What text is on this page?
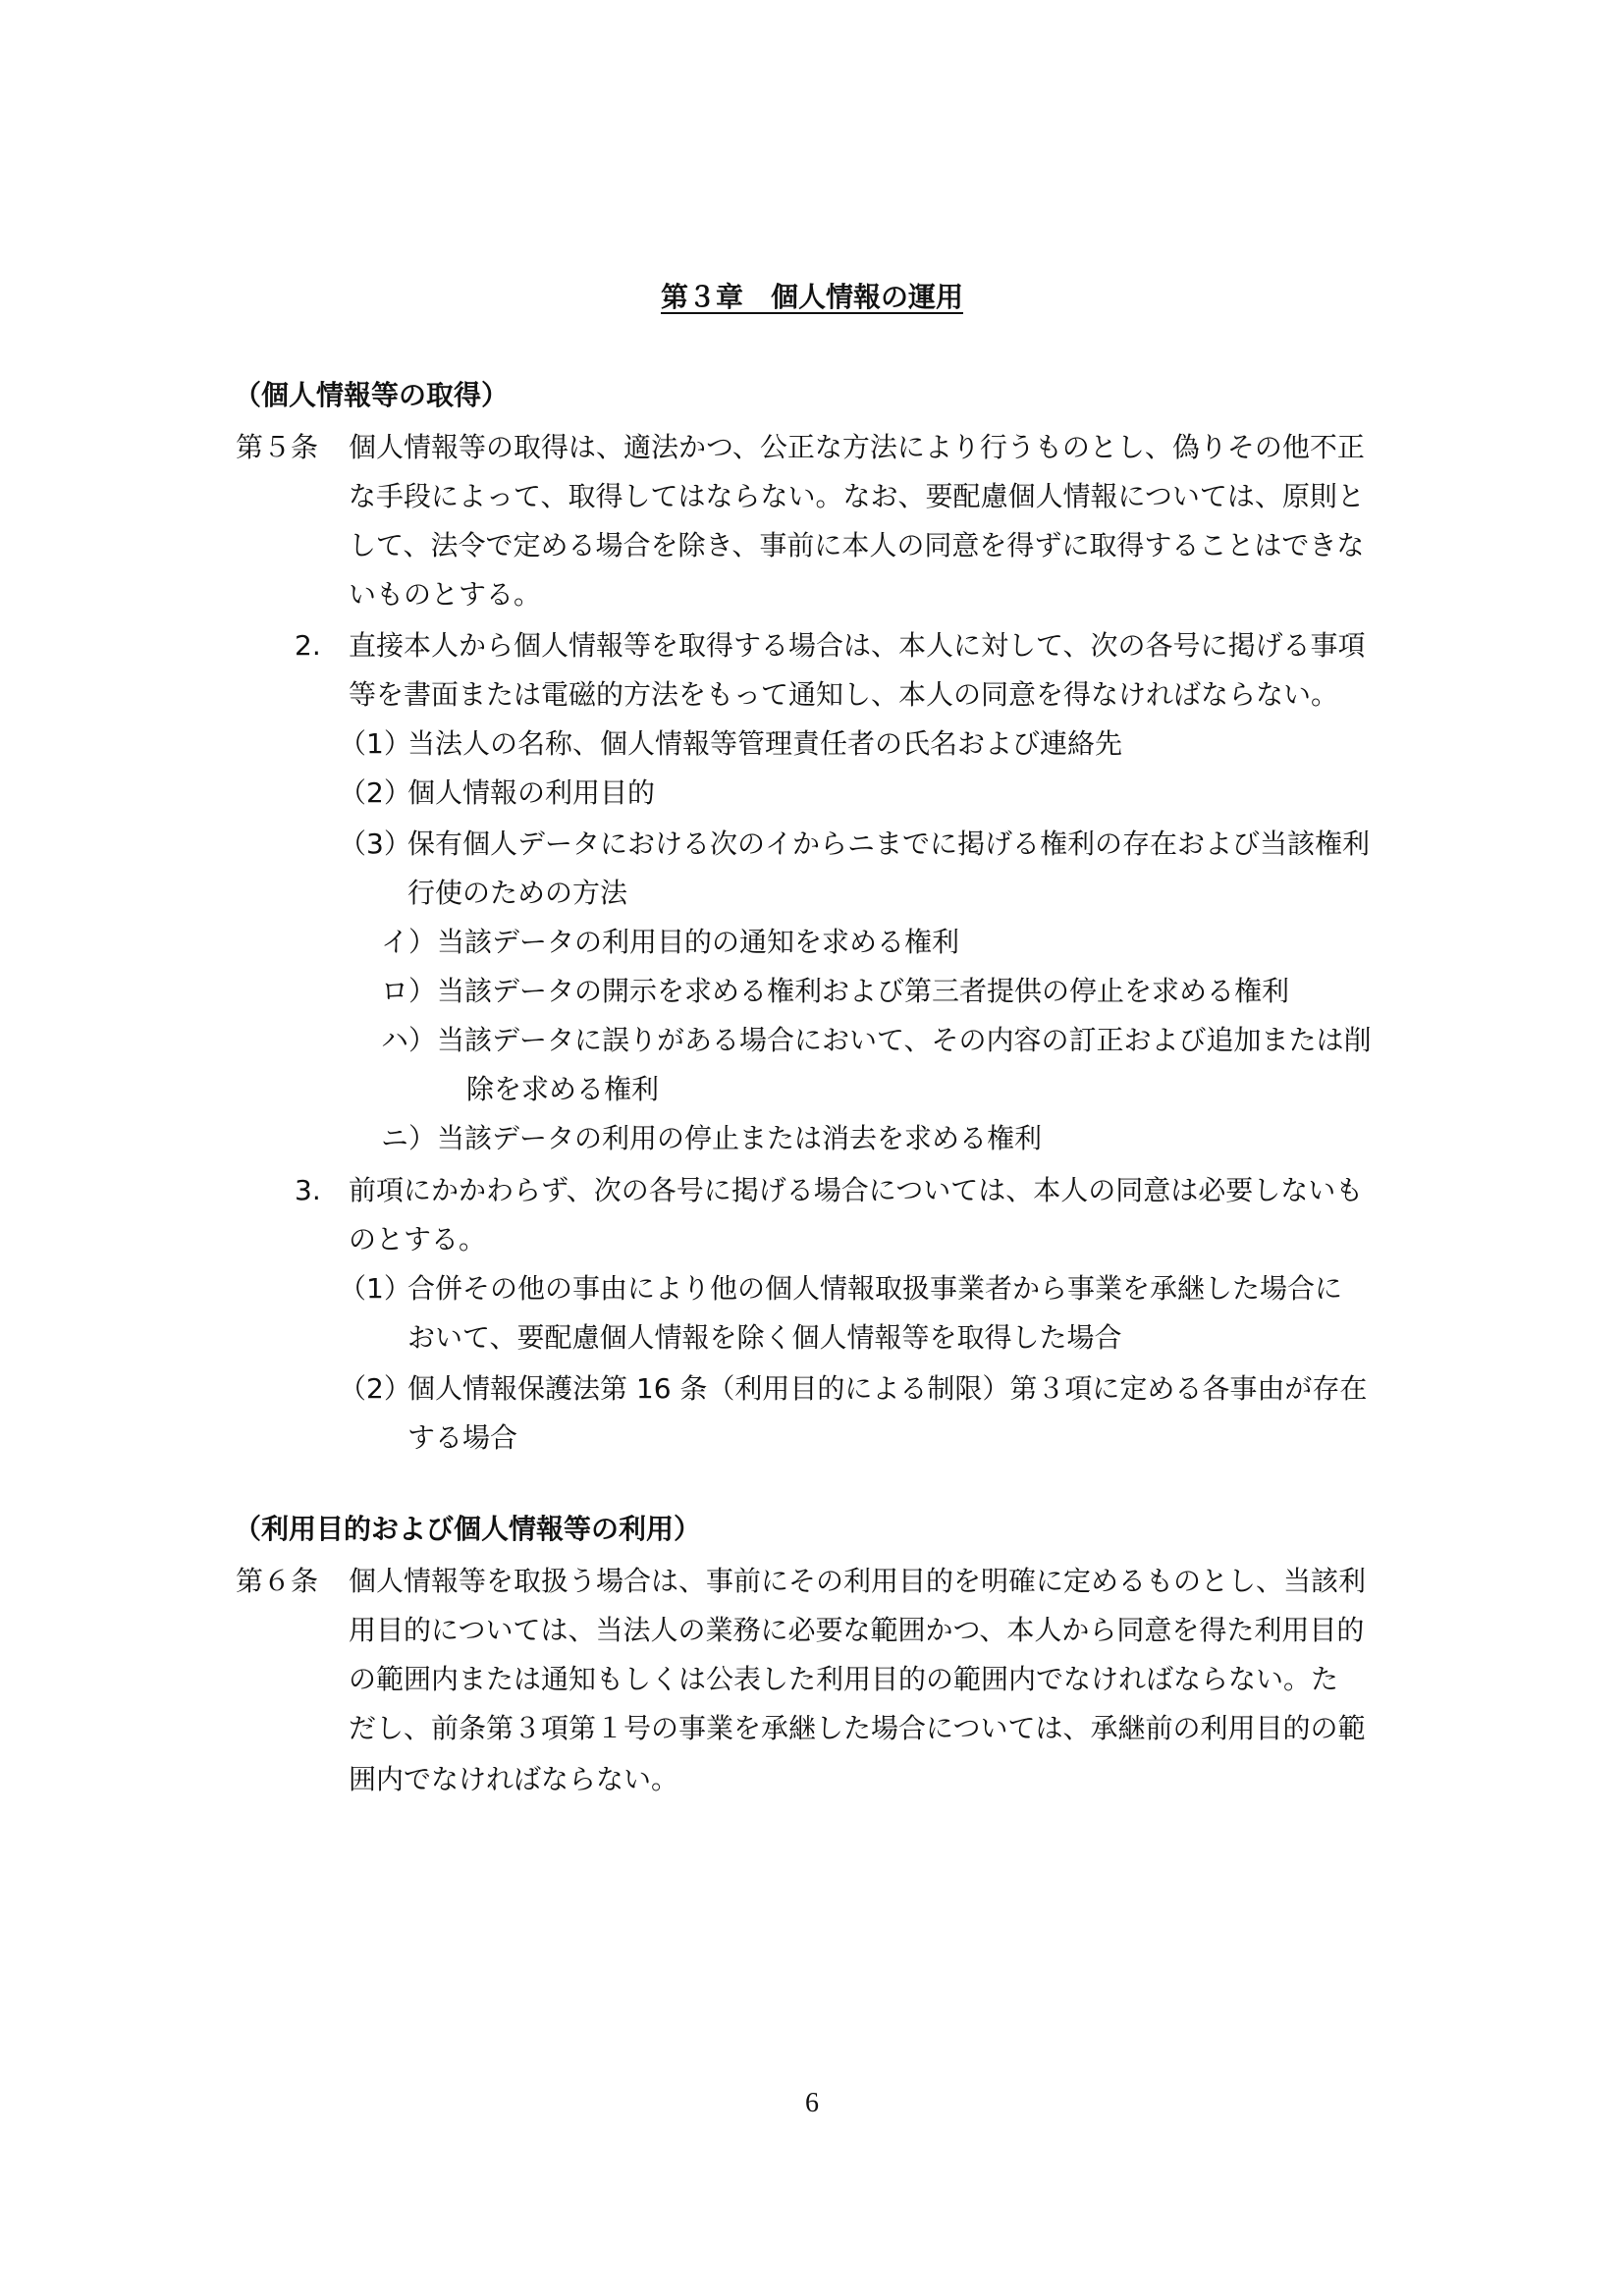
第３章　個人情報の運用
（個人情報等の取得）
第５条 個人情報等の取得は、適法かつ、公正な方法により行うものとし、偽りその他不正
な手段によって、取得してはならない。なお、要配慮個人情報については、原則と
して、法令で定める場合を除き、事前に本人の同意を得ずに取得することはできな
いものとする。
2. 直接本人から個人情報等を取得する場合は、本人に対して、次の各号に掲げる事項
等を書面または電磁的方法をもって通知し、本人の同意を得なければならない。
（1）
当法人の名称、個人情報等管理責任者の氏名および連絡先
（2）
個人情報の利用目的
（3）
保有個人データにおける次のイからニまでに掲げる権利の存在および当該権利
行使のための方法
イ） 当該データの利用目的の通知を求める権利
ロ） 当該データの開示を求める権利および第三者提供の停止を求める権利
ハ） 当該データに誤りがある場合において、その内容の訂正および追加または削
除を求める権利
ニ） 当該データの利用の停止または消去を求める権利
3. 前項にかかわらず、次の各号に掲げる場合については、本人の同意は必要しないも
のとする。
（1）
合併その他の事由により他の個人情報取扱事業者から事業を承継した場合に
おいて、要配慮個人情報を除く個人情報等を取得した場合
（2）
個人情報保護法第 16 条（利用目的による制限）第３項に定める各事由が存在
する場合
（利用目的および個人情報等の利用）
第６条 個人情報等を取扱う場合は、事前にその利用目的を明確に定めるものとし、当該利
用目的については、当法人の業務に必要な範囲かつ、本人から同意を得た利用目的
の範囲内または通知もしくは公表した利用目的の範囲内でなければならない。た
だし、前条第３項第１号の事業を承継した場合については、承継前の利用目的の範
囲内でなければならない。
6
